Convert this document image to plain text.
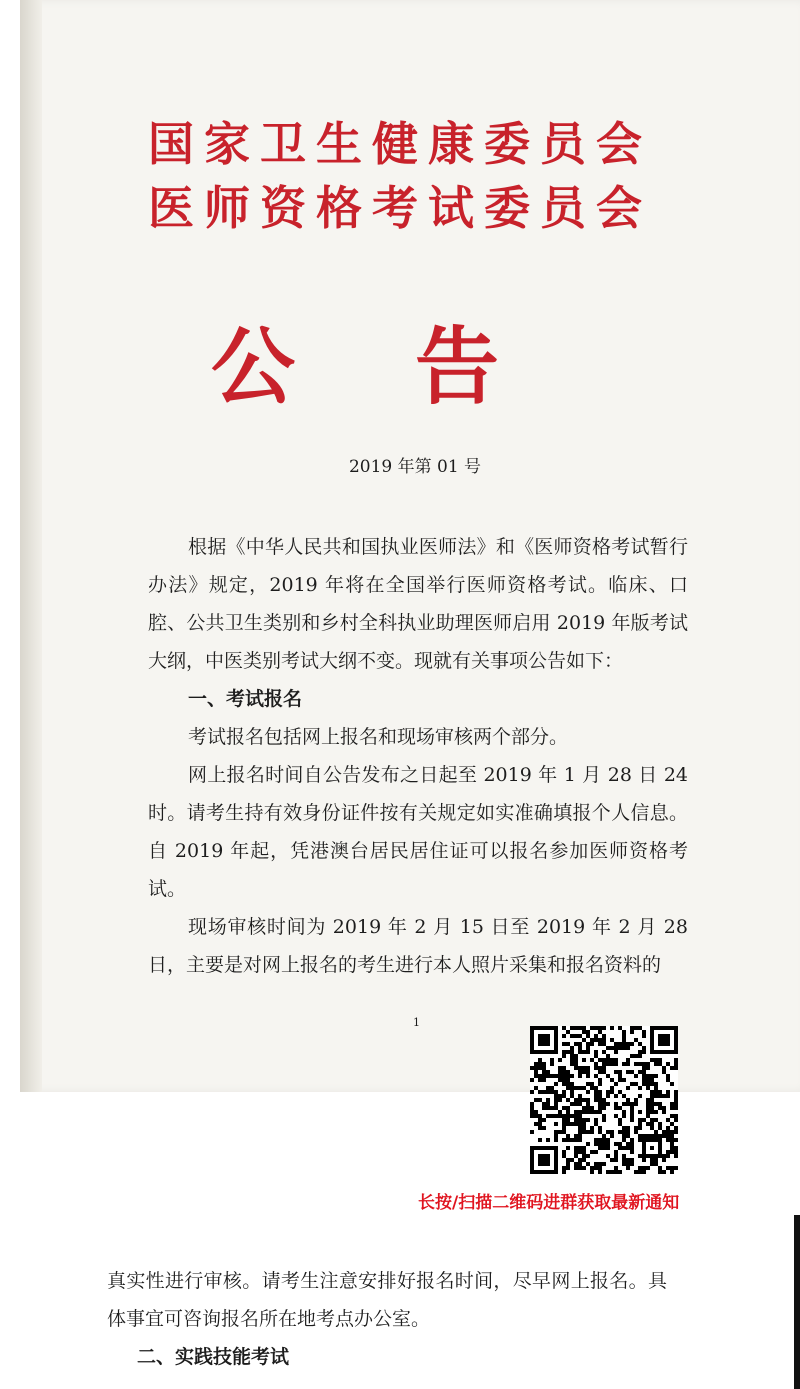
国家卫生健康委员会
医师资格考试委员会
公告
2019 年第 01 号

根据《中华人民共和国执业医师法》和《医师资格考试暂行办法》规定，2019 年将在全国举行医师资格考试。临床、口腔、公共卫生类别和乡村全科执业助理医师启用 2019 年版考试大纲，中医类别考试大纲不变。现就有关事项公告如下：

一、考试报名

考试报名包括网上报名和现场审核两个部分。

网上报名时间自公告发布之日起至 2019 年 1 月 28 日 24 时。请考生持有效身份证件按有关规定如实准确填报个人信息。自 2019 年起，凭港澳台居民居住证可以报名参加医师资格考试。

现场审核时间为 2019 年 2 月 15 日至 2019 年 2 月 28 日，主要是对网上报名的考生进行本人照片采集和报名资料的

1
长按/扫描二维码进群获取最新通知

真实性进行审核。请考生注意安排好报名时间，尽早网上报名。具体事宜可咨询报名所在地考点办公室。

二、实践技能考试
